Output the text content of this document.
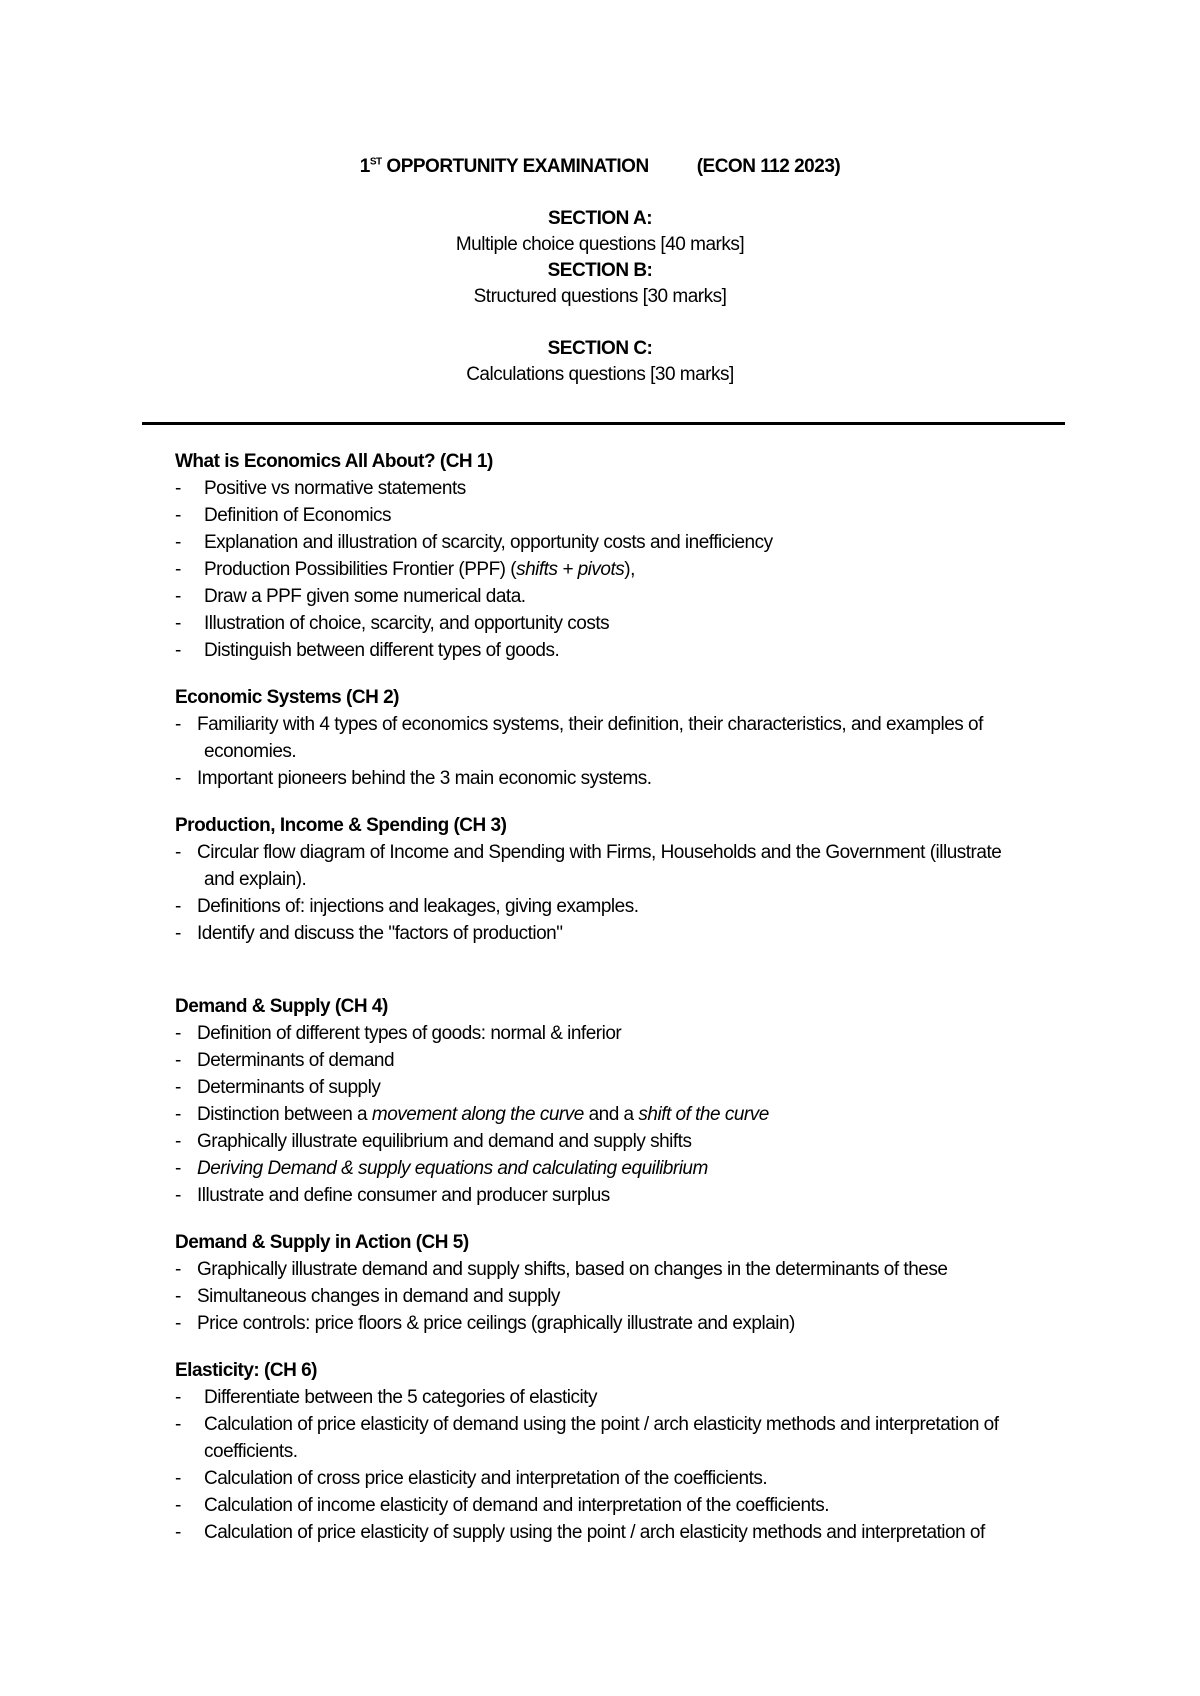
1ST OPPORTUNITY EXAMINATION	(ECON 112 2023)
SECTION A:
Multiple choice questions [40 marks]
SECTION B:
Structured questions [30 marks]
SECTION C:
Calculations questions [30 marks]
What is Economics All About? (CH 1)
- Positive vs normative statements
- Definition of Economics
- Explanation and illustration of scarcity, opportunity costs and inefficiency
- Production Possibilities Frontier (PPF) (shifts + pivots),
- Draw a PPF given some numerical data.
- Illustration of choice, scarcity, and opportunity costs
- Distinguish between different types of goods.
Economic Systems (CH 2)
- Familiarity with 4 types of economics systems, their definition, their characteristics, and examples of
economies.
- Important pioneers behind the 3 main economic systems.
Production, Income & Spending (CH 3)
- Circular flow diagram of Income and Spending with Firms, Households and the Government (illustrate
and explain).
- Definitions of: injections and leakages, giving examples.
- Identify and discuss the "factors of production"
Demand & Supply (CH 4)
- Definition of different types of goods: normal & inferior
- Determinants of demand
- Determinants of supply
- Distinction between a movement along the curve and a shift of the curve
- Graphically illustrate equilibrium and demand and supply shifts
- Deriving Demand & supply equations and calculating equilibrium
- Illustrate and define consumer and producer surplus
Demand & Supply in Action (CH 5)
- Graphically illustrate demand and supply shifts, based on changes in the determinants of these
- Simultaneous changes in demand and supply
- Price controls: price floors & price ceilings (graphically illustrate and explain)
Elasticity: (CH 6)
- Differentiate between the 5 categories of elasticity
- Calculation of price elasticity of demand using the point / arch elasticity methods and interpretation of
coefficients.
- Calculation of cross price elasticity and interpretation of the coefficients.
- Calculation of income elasticity of demand and interpretation of the coefficients.
- Calculation of price elasticity of supply using the point / arch elasticity methods and interpretation of
